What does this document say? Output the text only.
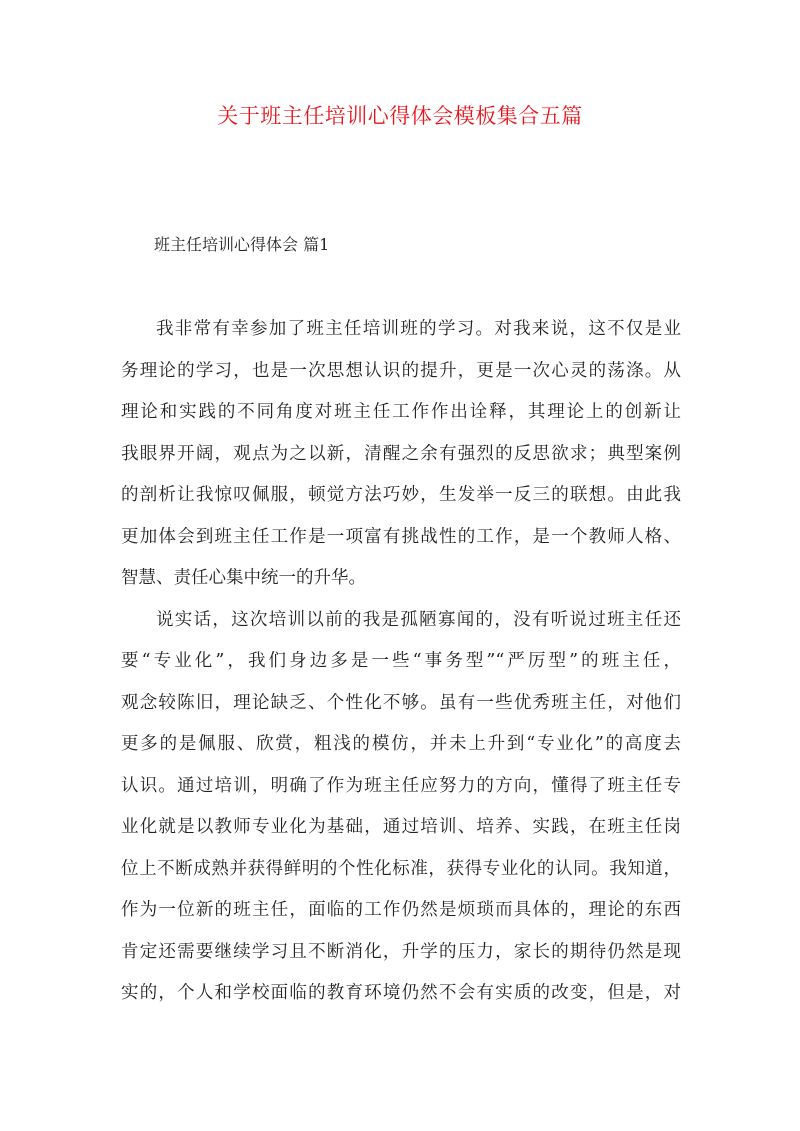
关于班主任培训心得体会模板集合五篇
班主任培训心得体会 篇1
我非常有幸参加了班主任培训班的学习。对我来说，这不仅是业
务理论的学习，也是一次思想认识的提升，更是一次心灵的荡涤。从
理论和实践的不同角度对班主任工作作出诠释，其理论上的创新让
我眼界开阔，观点为之以新，清醒之余有强烈的反思欲求；典型案例
的剖析让我惊叹佩服，顿觉方法巧妙，生发举一反三的联想。由此我
更加体会到班主任工作是一项富有挑战性的工作，是一个教师人格、
智慧、责任心集中统一的升华。
说实话，这次培训以前的我是孤陋寡闻的，没有听说过班主任还
要“专业化”，我们身边多是一些“事务型”“严厉型”的班主任，
观念较陈旧，理论缺乏、个性化不够。虽有一些优秀班主任，对他们
更多的是佩服、欣赏，粗浅的模仿，并未上升到“专业化”的高度去
认识。通过培训，明确了作为班主任应努力的方向，懂得了班主任专
业化就是以教师专业化为基础，通过培训、培养、实践，在班主任岗
位上不断成熟并获得鲜明的个性化标准，获得专业化的认同。我知道，
作为一位新的班主任，面临的工作仍然是烦琐而具体的，理论的东西
肯定还需要继续学习且不断消化，升学的压力，家长的期待仍然是现
实的，个人和学校面临的教育环境仍然不会有实质的改变，但是，对
